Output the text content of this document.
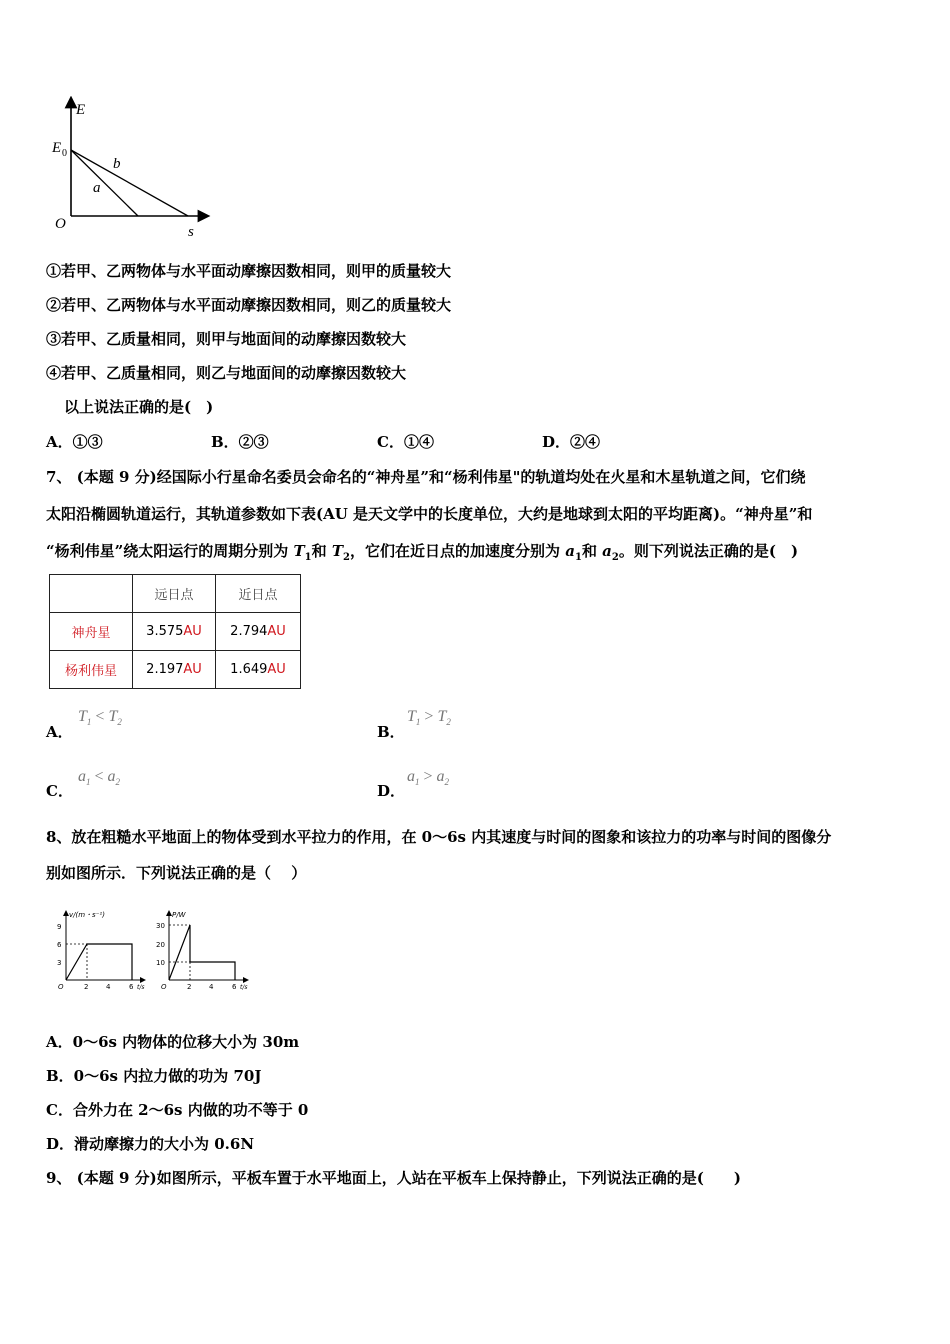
E
s
O
E 0
a
b
①若甲、乙两物体与水平面动摩擦因数相同，则甲的质量较大
②若甲、乙两物体与水平面动摩擦因数相同，则乙的质量较大
③若甲、乙质量相同，则甲与地面间的动摩擦因数较大
④若甲、乙质量相同，则乙与地面间的动摩擦因数较大
以上说法正确的是(　)
A．①③	B．②③	C．①④	D．②④
7、 (本题 9 分)经国际小行星命名委员会命名的“神舟星”和“杨利伟星"的轨道均处在火星和木星轨道之间，它们绕
太阳沿椭圆轨道运行，其轨道参数如下表(AU 是天文学中的长度单位，大约是地球到太阳的平均距离)。“神舟星”和
“杨利伟星”绕太阳运行的周期分别为 $T_1$和 $T_2$，它们在近日点的加速度分别为 $a_1$和 $a_2$。则下列说法正确的是(　)
	远日点	近日点
神舟星	3.575AU	2.794AU
杨利伟星	2.197AU	1.649AU
A．
$T_1 < T_2$
B．
$T_1 > T_2$
C．
$a_1 < a_2$	D．
$a_1 > a_2$
8、放在粗糙水平地面上的物体受到水平拉力的作用，在 0～6s 内其速度与时间的图象和该拉力的功率与时间的图像分
别如图所示．下列说法正确的是（　 ）
v/(m・s⁻¹)
9
6
3
O	2	4	6 t/s
P/W
30
20
10
O	2	4	6 t/s
A．0～6s 内物体的位移大小为 30m
B．0～6s 内拉力做的功为 70J
C．合外力在 2～6s 内做的功不等于 0
D．滑动摩擦力的大小为 0.6N
9、 (本题 9 分)如图所示，平板车置于水平地面上，人站在平板车上保持静止，下列说法正确的是(　　)
